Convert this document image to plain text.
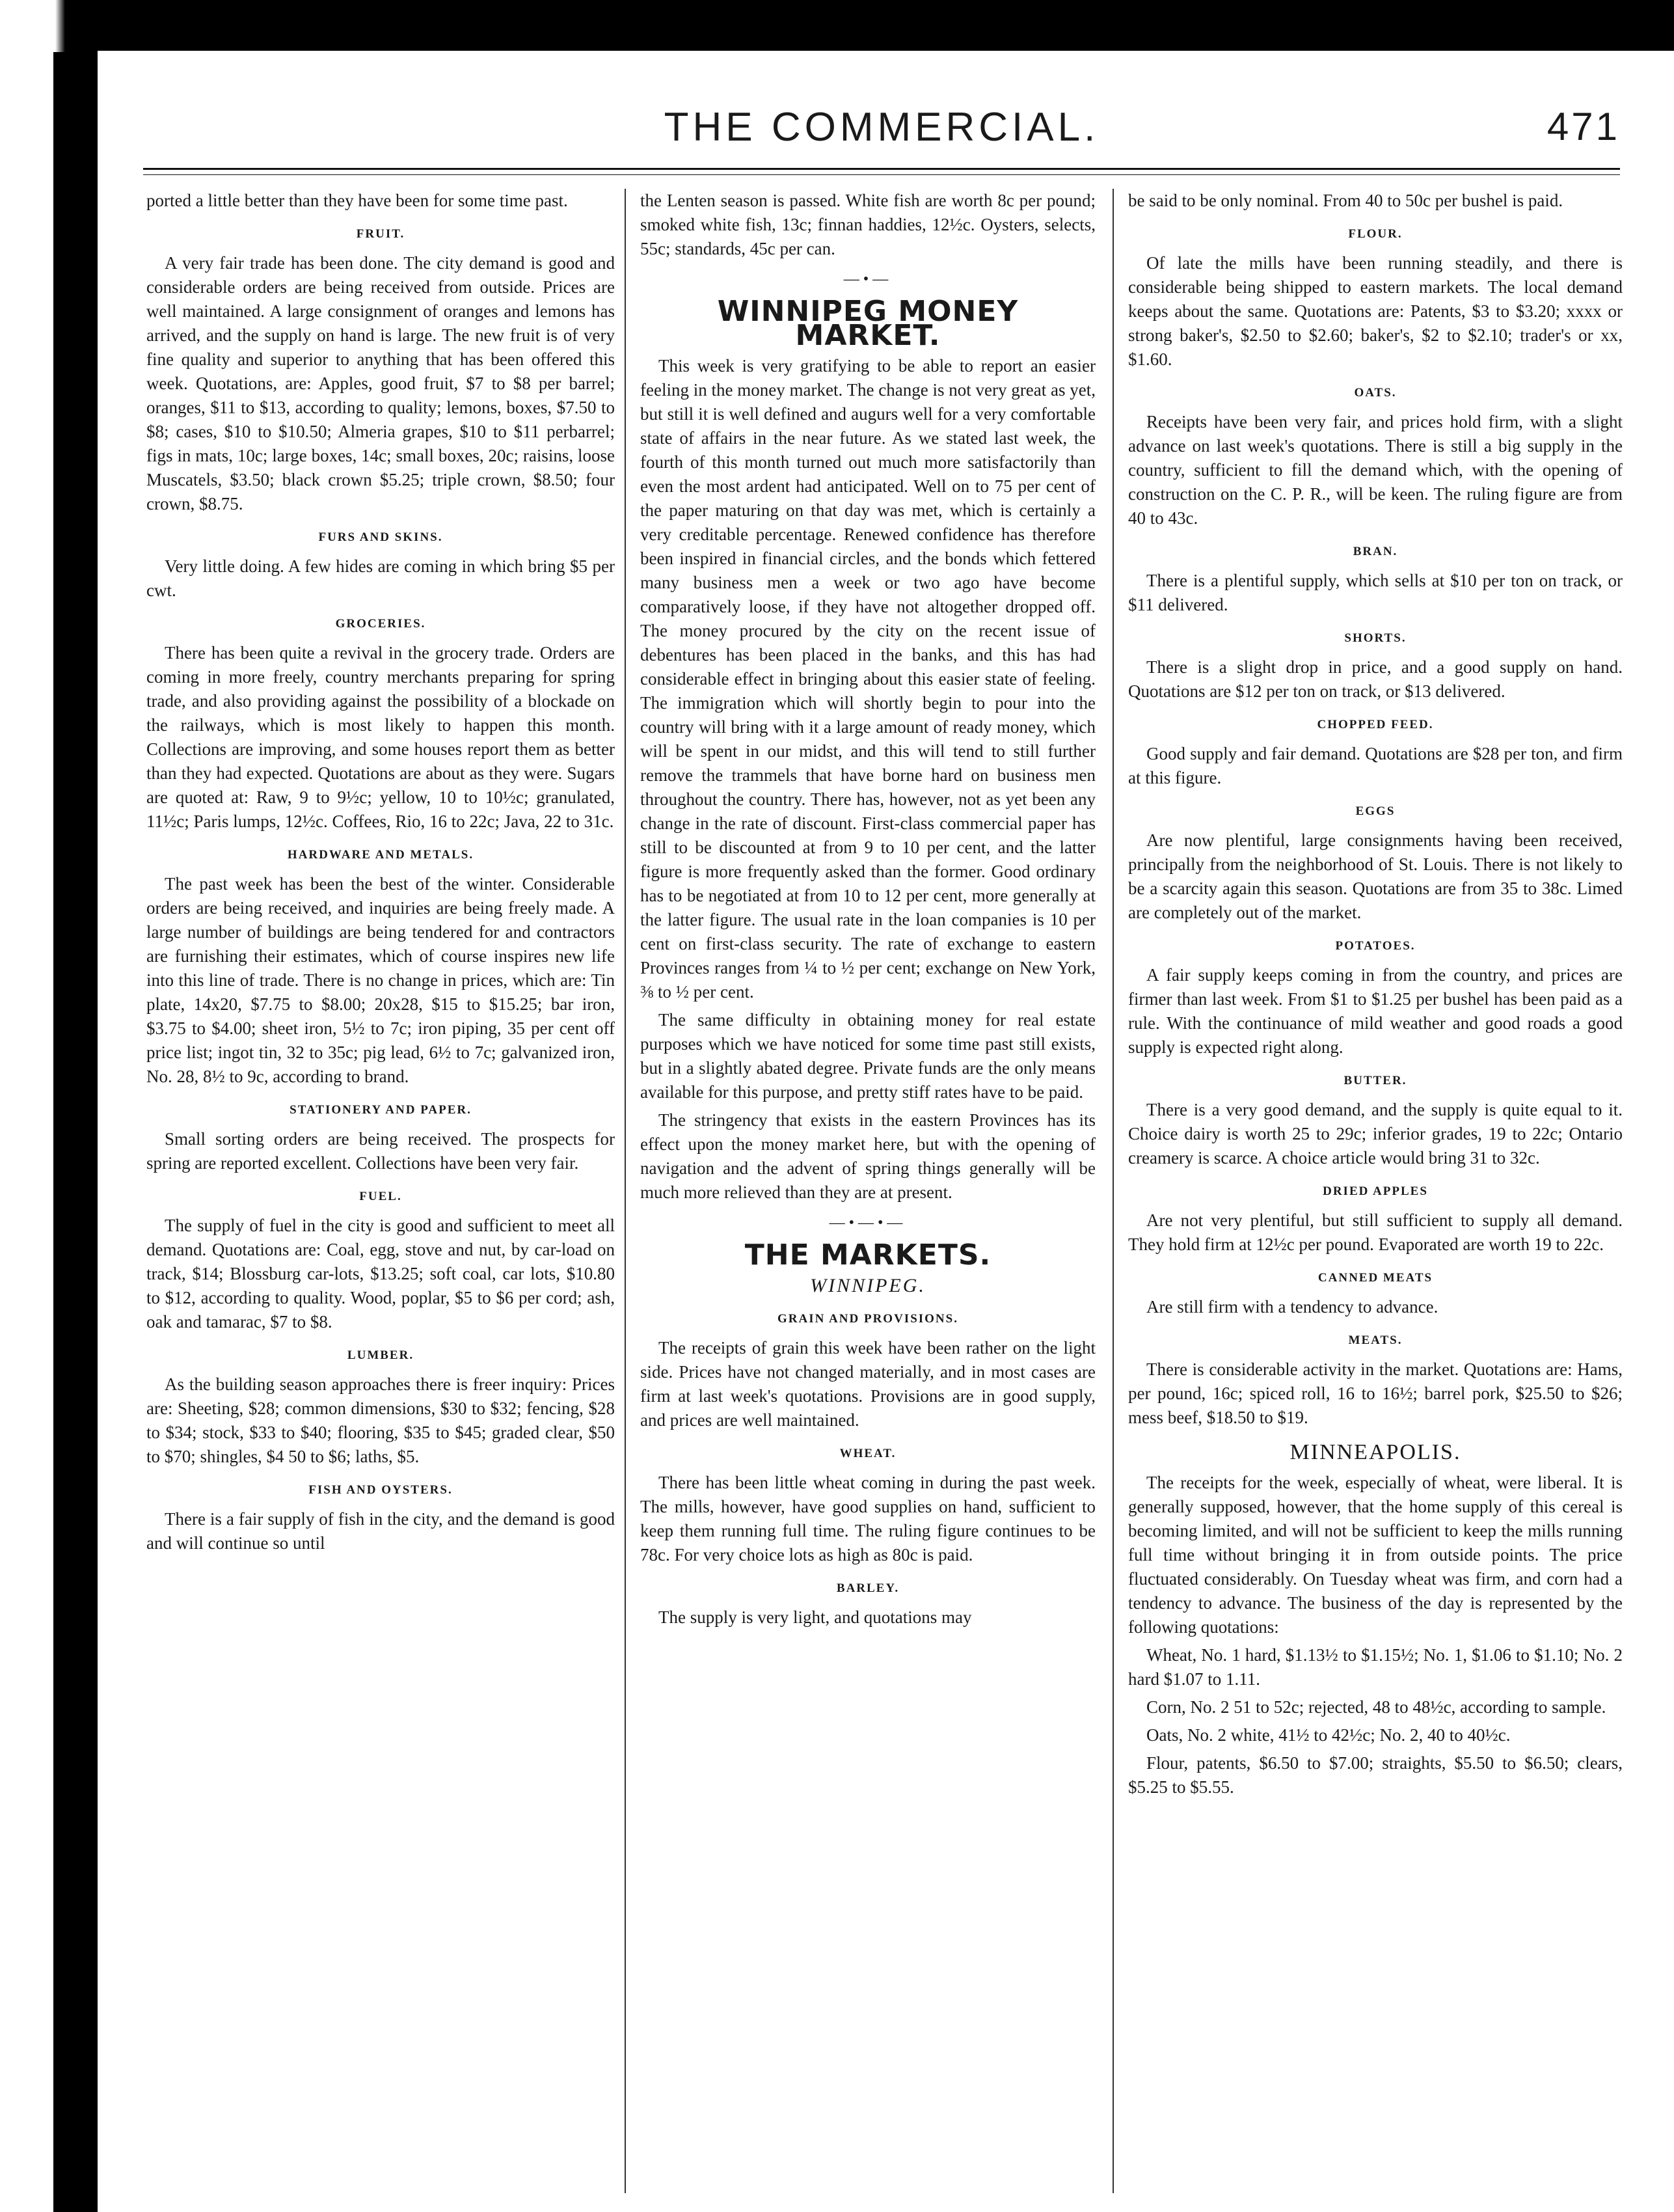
THE COMMERCIAL.	471

ported a little better than they have been for some time past.

FRUIT.

A very fair trade has been done. The city demand is good and considerable orders are being received from outside. Prices are well maintained. A large consignment of oranges and lemons has arrived, and the supply on hand is large. The new fruit is of very fine quality and superior to anything that has been offered this week. Quotations, are: Apples, good fruit, $7 to $8 per barrel; oranges, $11 to $13, according to quality; lemons, boxes, $7.50 to $8; cases, $10 to $10.50; Almeria grapes, $10 to $11 perbarrel; figs in mats, 10c; large boxes, 14c; small boxes, 20c; raisins, loose Muscatels, $3.50; black crown $5.25; triple crown, $8.50; four crown, $8.75.

FURS AND SKINS.

Very little doing. A few hides are coming in which bring $5 per cwt.

GROCERIES.

There has been quite a revival in the grocery trade. Orders are coming in more freely, country merchants preparing for spring trade, and also providing against the possibility of a blockade on the railways, which is most likely to happen this month. Collections are improving, and some houses report them as better than they had expected. Quotations are about as they were. Sugars are quoted at: Raw, 9 to 9½c; yellow, 10 to 10½c; granulated, 11½c; Paris lumps, 12½c. Coffees, Rio, 16 to 22c; Java, 22 to 31c.

HARDWARE AND METALS.

The past week has been the best of the winter. Considerable orders are being received, and inquiries are being freely made. A large number of buildings are being tendered for and contractors are furnishing their estimates, which of course inspires new life into this line of trade. There is no change in prices, which are: Tin plate, 14x20, $7.75 to $8.00; 20x28, $15 to $15.25; bar iron, $3.75 to $4.00; sheet iron, 5½ to 7c; iron piping, 35 per cent off price list; ingot tin, 32 to 35c; pig lead, 6½ to 7c; galvanized iron, No. 28, 8½ to 9c, according to brand.

STATIONERY AND PAPER.

Small sorting orders are being received. The prospects for spring are reported excellent. Collections have been very fair.

FUEL.

The supply of fuel in the city is good and sufficient to meet all demand. Quotations are: Coal, egg, stove and nut, by car-load on track, $14; Blossburg car-lots, $13.25; soft coal, car lots, $10.80 to $12, according to quality. Wood, poplar, $5 to $6 per cord; ash, oak and tamarac, $7 to $8.

LUMBER.

As the building season approaches there is freer inquiry: Prices are: Sheeting, $28; common dimensions, $30 to $32; fencing, $28 to $34; stock, $33 to $40; flooring, $35 to $45; graded clear, $50 to $70; shingles, $4 50 to $6; laths, $5.

FISH AND OYSTERS.

There is a fair supply of fish in the city, and the demand is good and will continue so until

the Lenten season is passed. White fish are worth 8c per pound; smoked white fish, 13c; finnan haddies, 12½c. Oysters, selects, 55c; standards, 45c per can.

—•—
WINNIPEG MONEY MARKET.

This week is very gratifying to be able to report an easier feeling in the money market. The change is not very great as yet, but still it is well defined and augurs well for a very comfortable state of affairs in the near future. As we stated last week, the fourth of this month turned out much more satisfactorily than even the most ardent had anticipated. Well on to 75 per cent of the paper maturing on that day was met, which is certainly a very creditable percentage. Renewed confidence has therefore been inspired in financial circles, and the bonds which fettered many business men a week or two ago have become comparatively loose, if they have not altogether dropped off. The money procured by the city on the recent issue of debentures has been placed in the banks, and this has had considerable effect in bringing about this easier state of feeling. The immigration which will shortly begin to pour into the country will bring with it a large amount of ready money, which will be spent in our midst, and this will tend to still further remove the trammels that have borne hard on business men throughout the country. There has, however, not as yet been any change in the rate of discount. First-class commercial paper has still to be discounted at from 9 to 10 per cent, and the latter figure is more frequently asked than the former. Good ordinary has to be negotiated at from 10 to 12 per cent, more generally at the latter figure. The usual rate in the loan companies is 10 per cent on first-class security. The rate of exchange to eastern Provinces ranges from ¼ to ½ per cent; exchange on New York, ⅜ to ½ per cent.

The same difficulty in obtaining money for real estate purposes which we have noticed for some time past still exists, but in a slightly abated degree. Private funds are the only means available for this purpose, and pretty stiff rates have to be paid.

The stringency that exists in the eastern Provinces has its effect upon the money market here, but with the opening of navigation and the advent of spring things generally will be much more relieved than they are at present.

—•—•—
THE MARKETS.
WINNIPEG.
GRAIN AND PROVISIONS.

The receipts of grain this week have been rather on the light side. Prices have not changed materially, and in most cases are firm at last week's quotations. Provisions are in good supply, and prices are well maintained.

WHEAT.

There has been little wheat coming in during the past week. The mills, however, have good supplies on hand, sufficient to keep them running full time. The ruling figure continues to be 78c. For very choice lots as high as 80c is paid.

BARLEY.

The supply is very light, and quotations may

be said to be only nominal. From 40 to 50c per bushel is paid.

FLOUR.

Of late the mills have been running steadily, and there is considerable being shipped to eastern markets. The local demand keeps about the same. Quotations are: Patents, $3 to $3.20; xxxx or strong baker's, $2.50 to $2.60; baker's, $2 to $2.10; trader's or xx, $1.60.

OATS.

Receipts have been very fair, and prices hold firm, with a slight advance on last week's quotations. There is still a big supply in the country, sufficient to fill the demand which, with the opening of construction on the C. P. R., will be keen. The ruling figure are from 40 to 43c.

BRAN.

There is a plentiful supply, which sells at $10 per ton on track, or $11 delivered.

SHORTS.

There is a slight drop in price, and a good supply on hand. Quotations are $12 per ton on track, or $13 delivered.

CHOPPED FEED.

Good supply and fair demand. Quotations are $28 per ton, and firm at this figure.

EGGS

Are now plentiful, large consignments having been received, principally from the neighborhood of St. Louis. There is not likely to be a scarcity again this season. Quotations are from 35 to 38c. Limed are completely out of the market.

POTATOES.

A fair supply keeps coming in from the country, and prices are firmer than last week. From $1 to $1.25 per bushel has been paid as a rule. With the continuance of mild weather and good roads a good supply is expected right along.

BUTTER.

There is a very good demand, and the supply is quite equal to it. Choice dairy is worth 25 to 29c; inferior grades, 19 to 22c; Ontario creamery is scarce. A choice article would bring 31 to 32c.

DRIED APPLES

Are not very plentiful, but still sufficient to supply all demand. They hold firm at 12½c per pound. Evaporated are worth 19 to 22c.

CANNED MEATS

Are still firm with a tendency to advance.

MEATS.

There is considerable activity in the market. Quotations are: Hams, per pound, 16c; spiced roll, 16 to 16½; barrel pork, $25.50 to $26; mess beef, $18.50 to $19.

MINNEAPOLIS.

The receipts for the week, especially of wheat, were liberal. It is generally supposed, however, that the home supply of this cereal is becoming limited, and will not be sufficient to keep the mills running full time without bringing it in from outside points. The price fluctuated considerably. On Tuesday wheat was firm, and corn had a tendency to advance. The business of the day is represented by the following quotations:

Wheat, No. 1 hard, $1.13½ to $1.15½; No. 1, $1.06 to $1.10; No. 2 hard $1.07 to 1.11.

Corn, No. 2 51 to 52c; rejected, 48 to 48½c, according to sample.

Oats, No. 2 white, 41½ to 42½c; No. 2, 40 to 40½c.

Flour, patents, $6.50 to $7.00; straights, $5.50 to $6.50; clears, $5.25 to $5.55.
